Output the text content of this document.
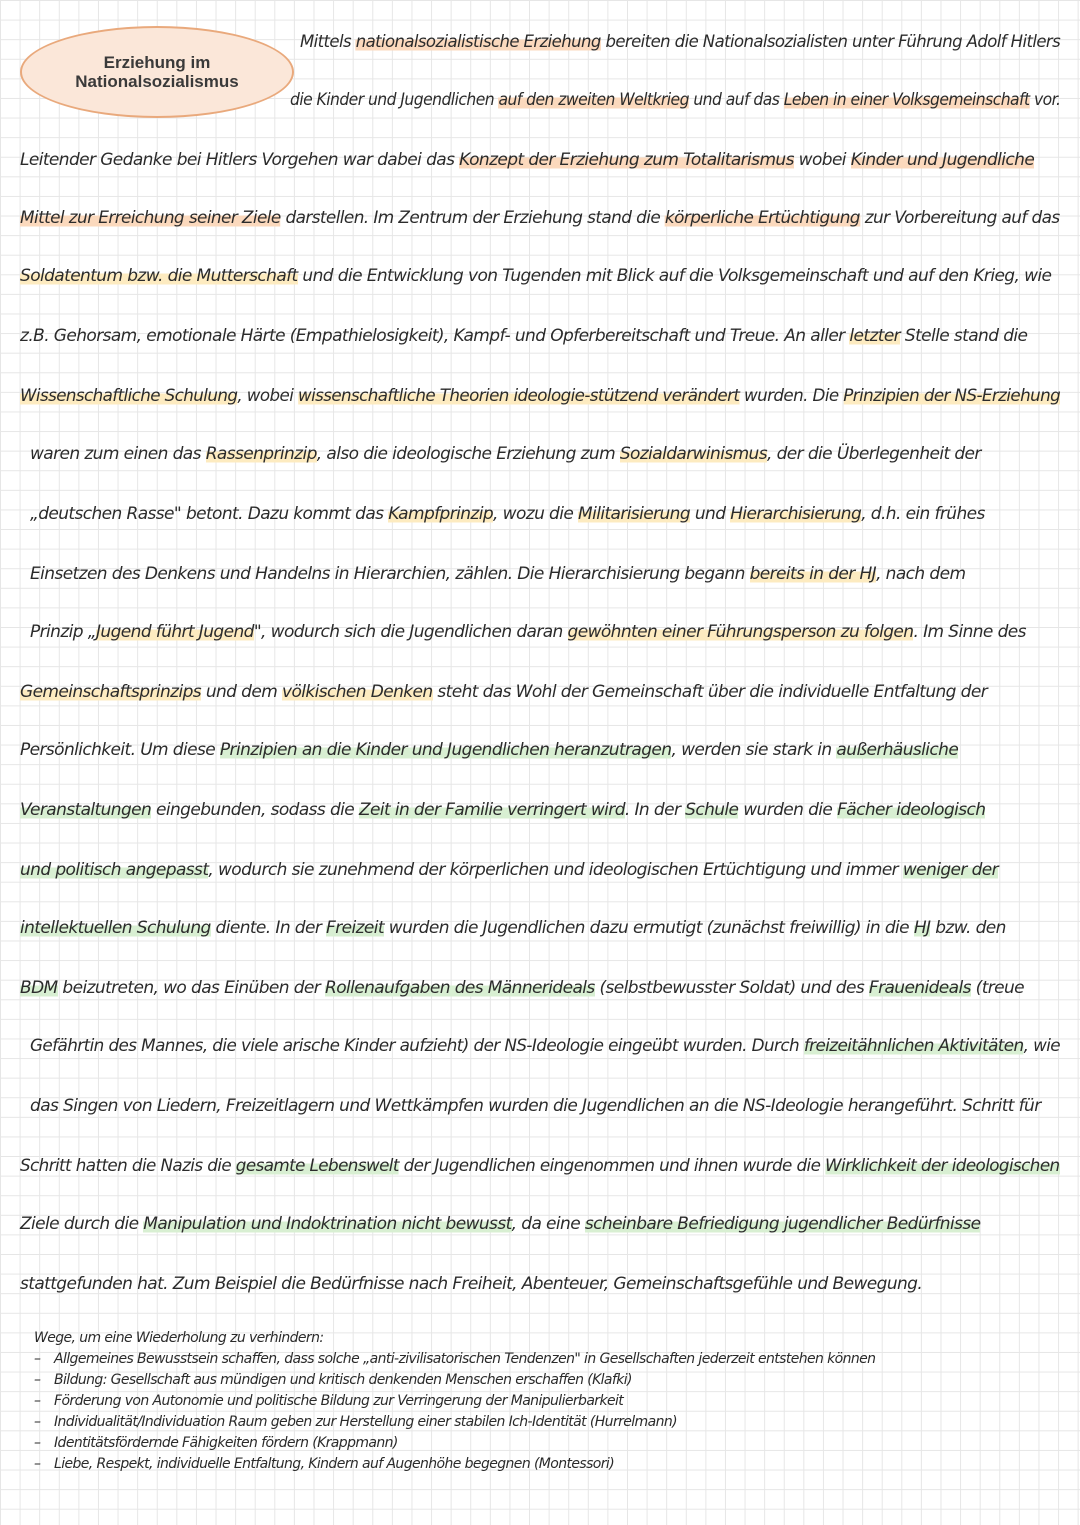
Erziehung im
Nationalsozialismus
Mittels nationalsozialistische Erziehung bereiten die Nationalsozialisten unter Führung Adolf Hitlers
die Kinder und Jugendlichen auf den zweiten Weltkrieg und auf das Leben in einer Volksgemeinschaft vor.
Leitender Gedanke bei Hitlers Vorgehen war dabei das Konzept der Erziehung zum Totalitarismus wobei Kinder und Jugendliche
Mittel zur Erreichung seiner Ziele darstellen. Im Zentrum der Erziehung stand die körperliche Ertüchtigung zur Vorbereitung auf das
Soldatentum bzw. die Mutterschaft und die Entwicklung von Tugenden mit Blick auf die Volksgemeinschaft und auf den Krieg, wie
z.B. Gehorsam, emotionale Härte (Empathielosigkeit), Kampf- und Opferbereitschaft und Treue. An aller letzter Stelle stand die
Wissenschaftliche Schulung, wobei wissenschaftliche Theorien ideologie-stützend verändert wurden. Die Prinzipien der NS-Erziehung
waren zum einen das Rassenprinzip, also die ideologische Erziehung zum Sozialdarwinismus, der die Überlegenheit der
„deutschen Rasse" betont. Dazu kommt das Kampfprinzip, wozu die Militarisierung und Hierarchisierung, d.h. ein frühes
Einsetzen des Denkens und Handelns in Hierarchien, zählen. Die Hierarchisierung begann bereits in der HJ, nach dem
Prinzip „Jugend führt Jugend", wodurch sich die Jugendlichen daran gewöhnten einer Führungsperson zu folgen. Im Sinne des
Gemeinschaftsprinzips und dem völkischen Denken steht das Wohl der Gemeinschaft über die individuelle Entfaltung der
Persönlichkeit. Um diese Prinzipien an die Kinder und Jugendlichen heranzutragen, werden sie stark in außerhäusliche
Veranstaltungen eingebunden, sodass die Zeit in der Familie verringert wird. In der Schule wurden die Fächer ideologisch
und politisch angepasst, wodurch sie zunehmend der körperlichen und ideologischen Ertüchtigung und immer weniger der
intellektuellen Schulung diente. In der Freizeit wurden die Jugendlichen dazu ermutigt (zunächst freiwillig) in die HJ bzw. den
BDM beizutreten, wo das Einüben der Rollenaufgaben des Männerideals (selbstbewusster Soldat) und des Frauenideals (treue
Gefährtin des Mannes, die viele arische Kinder aufzieht) der NS-Ideologie eingeübt wurden. Durch freizeitähnlichen Aktivitäten, wie
das Singen von Liedern, Freizeitlagern und Wettkämpfen wurden die Jugendlichen an die NS-Ideologie herangeführt. Schritt für
Schritt hatten die Nazis die gesamte Lebenswelt der Jugendlichen eingenommen und ihnen wurde die Wirklichkeit der ideologischen
Ziele durch die Manipulation und Indoktrination nicht bewusst, da eine scheinbare Befriedigung jugendlicher Bedürfnisse
stattgefunden hat. Zum Beispiel die Bedürfnisse nach Freiheit, Abenteuer, Gemeinschaftsgefühle und Bewegung.
Wege, um eine Wiederholung zu verhindern:
– Allgemeines Bewusstsein schaffen, dass solche „anti-zivilisatorischen Tendenzen" in Gesellschaften jederzeit entstehen können
– Bildung: Gesellschaft aus mündigen und kritisch denkenden Menschen erschaffen (Klafki)
– Förderung von Autonomie und politische Bildung zur Verringerung der Manipulierbarkeit
– Individualität/Individuation Raum geben zur Herstellung einer stabilen Ich-Identität (Hurrelmann)
– Identitätsfördernde Fähigkeiten fördern (Krappmann)
– Liebe, Respekt, individuelle Entfaltung, Kindern auf Augenhöhe begegnen (Montessori)
